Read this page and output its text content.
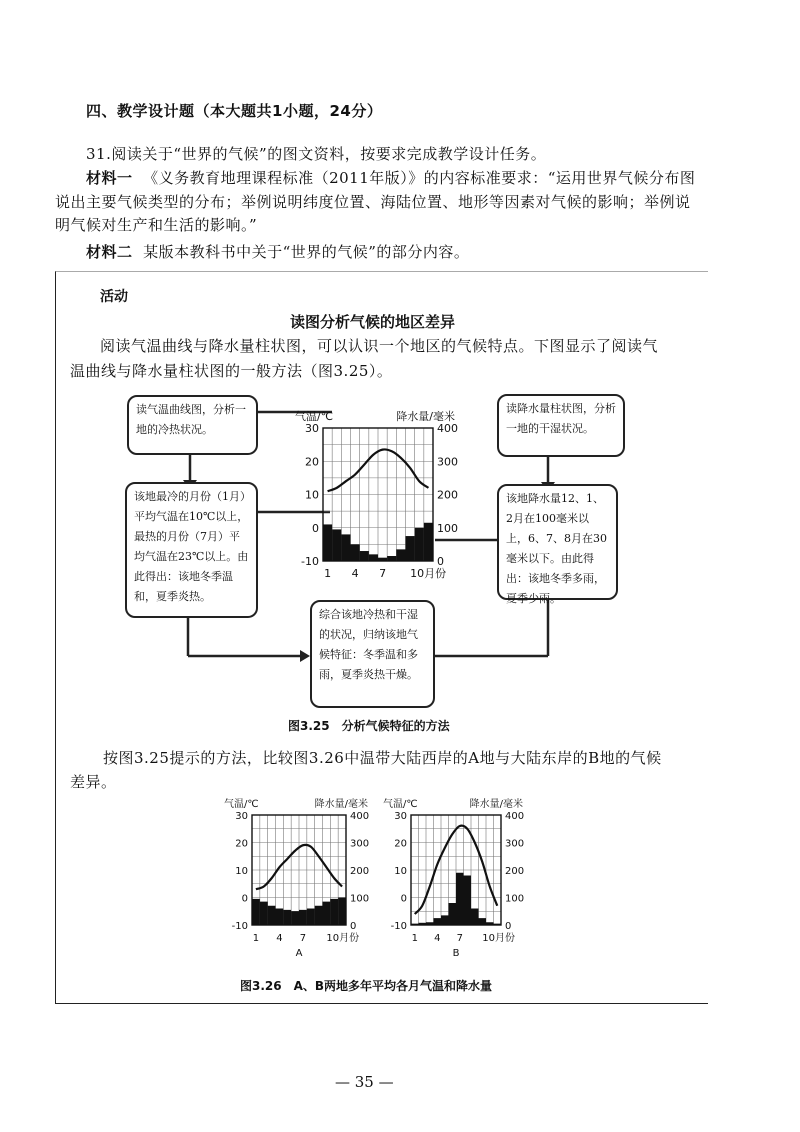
四、教学设计题（本大题共1小题，24分）
31.阅读关于“世界的气候”的图文资料，按要求完成教学设计任务。
材料一 《义务教育地理课程标准（2011年版）》的内容标准要求：“运用世界气候分布图
说出主要气候类型的分布；举例说明纬度位置、海陆位置、地形等因素对气候的影响；举例说
明气候对生产和生活的影响。”
材料二 某版本教科书中关于“世界的气候”的部分内容。
活动
读图分析气候的地区差异
阅读气温曲线与降水量柱状图，可以认识一个地区的气候特点。下图显示了阅读气
温曲线与降水量柱状图的一般方法（图3.25）。
读气温曲线图，分析一地的冷热状况。
该地最冷的月份（1月）平均气温在10℃以上，最热的月份（7月）平均气温在23℃以上。由此得出：该地冬季温和，夏季炎热。
读降水量柱状图，分析一地的干湿状况。
该地降水量12、1、2月在100毫米以上，6、7、8月在30毫米以下。由此得出：该地冬季多雨，夏季少雨。
综合该地冷热和干湿的状况，归纳该地气候特征：冬季温和多雨，夏季炎热干燥。
气温/℃	降水量/毫米
30
20
10
0
-10
400
300
200
100
0
1 4 7 10月份
气温/℃	降水量/毫米
30
20
10
0
-10
400
300
200
100
0
1 4 7 10月份
A
气温/℃	降水量/毫米
30
20
10
0
-10
400
300
200
100
0
1 4 7 10月份
B
图3.25　分析气候特征的方法
按图3.25提示的方法，比较图3.26中温带大陆西岸的A地与大陆东岸的B地的气候
差异。
图3.26　A、B两地多年平均各月气温和降水量
— 35 —
